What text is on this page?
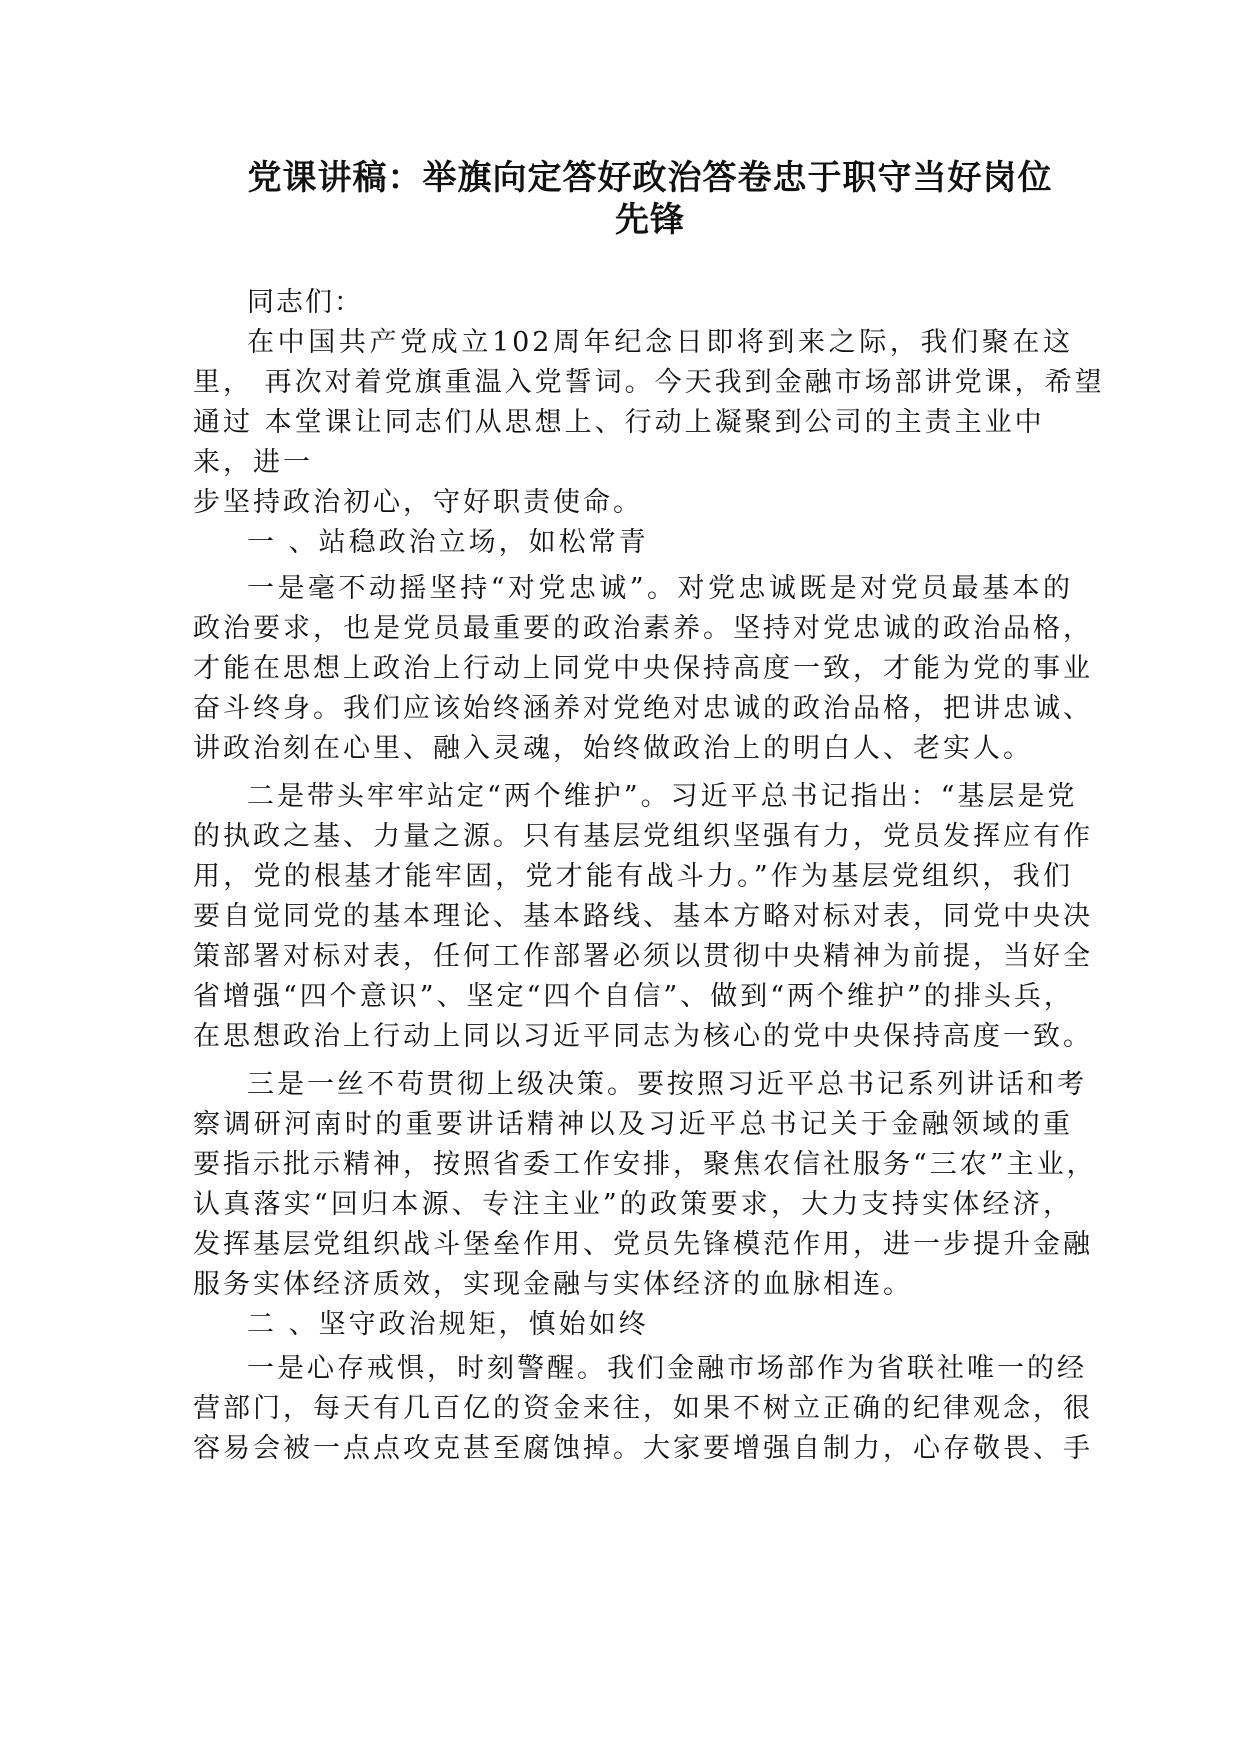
党课讲稿：举旗向定答好政治答卷忠于职守当好岗位
先锋

同志们：

在中国共产党成立102周年纪念日即将到来之际，我们聚在这

里， 再次对着党旗重温入党誓词。今天我到金融市场部讲党课，希望

通过 本堂课让同志们从思想上、行动上凝聚到公司的主责主业中

来，进一

步坚持政治初心，守好职责使命。

一 、站稳政治立场，如松常青

一是毫不动摇坚持“对党忠诚”。对党忠诚既是对党员最基本的

政治要求，也是党员最重要的政治素养。坚持对党忠诚的政治品格，

才能在思想上政治上行动上同党中央保持高度一致，才能为党的事业

奋斗终身。我们应该始终涵养对党绝对忠诚的政治品格，把讲忠诚、

讲政治刻在心里、融入灵魂，始终做政治上的明白人、老实人。

二是带头牢牢站定“两个维护”。习近平总书记指出：“基层是党

的执政之基、力量之源。只有基层党组织坚强有力，党员发挥应有作

用，党的根基才能牢固，党才能有战斗力。”作为基层党组织，我们

要自觉同党的基本理论、基本路线、基本方略对标对表，同党中央决

策部署对标对表，任何工作部署必须以贯彻中央精神为前提，当好全

省增强“四个意识”、坚定“四个自信”、做到“两个维护”的排头兵，

在思想政治上行动上同以习近平同志为核心的党中央保持高度一致。

三是一丝不苟贯彻上级决策。要按照习近平总书记系列讲话和考

察调研河南时的重要讲话精神以及习近平总书记关于金融领域的重

要指示批示精神，按照省委工作安排，聚焦农信社服务“三农”主业，

认真落实“回归本源、专注主业”的政策要求，大力支持实体经济，

发挥基层党组织战斗堡垒作用、党员先锋模范作用，进一步提升金融

服务实体经济质效，实现金融与实体经济的血脉相连。

二 、坚守政治规矩，慎始如终

一是心存戒惧，时刻警醒。我们金融市场部作为省联社唯一的经

营部门，每天有几百亿的资金来往，如果不树立正确的纪律观念，很

容易会被一点点攻克甚至腐蚀掉。大家要增强自制力，心存敬畏、手
